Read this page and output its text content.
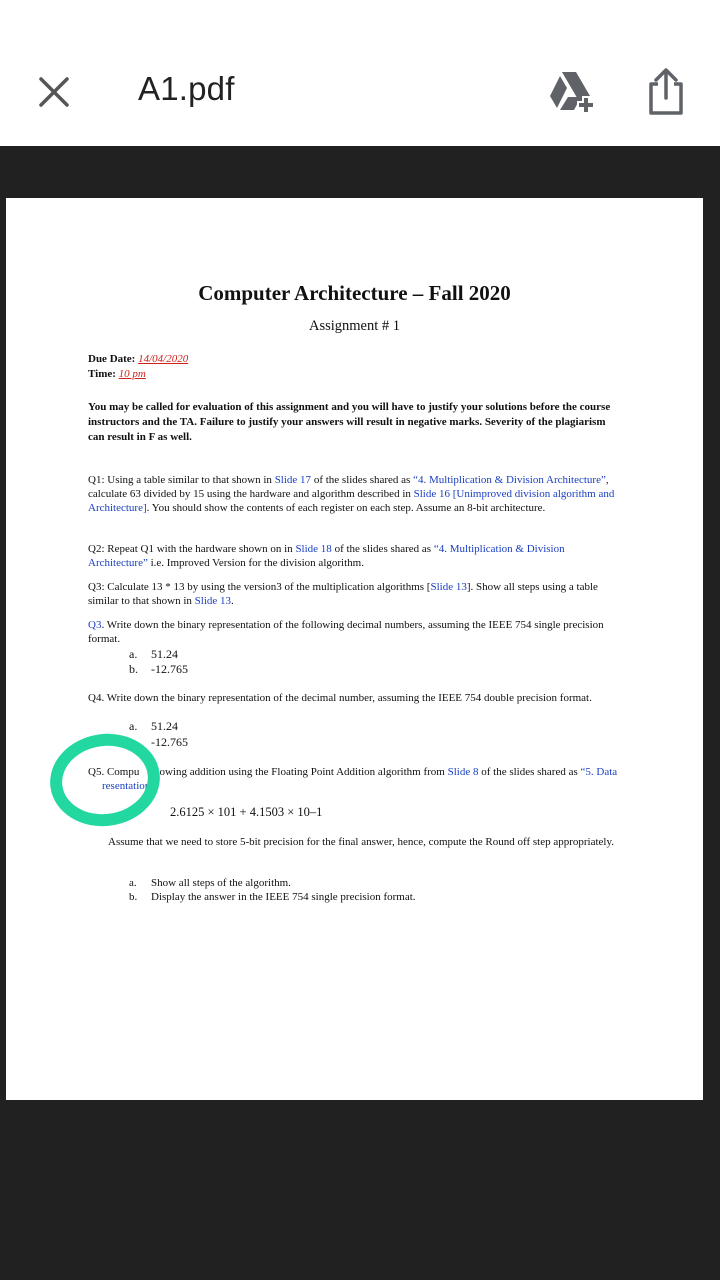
A1.pdf
Computer Architecture – Fall 2020
Assignment # 1
Due Date: 14/04/2020
Time: 10 pm
You may be called for evaluation of this assignment and you will have to justify your solutions before the course instructors and the TA. Failure to justify your answers will result in negative marks. Severity of the plagiarism can result in F as well.
Q1: Using a table similar to that shown in Slide 17 of the slides shared as “4. Multiplication & Division Architecture”, calculate 63 divided by 15 using the hardware and algorithm described in Slide 16 [Unimproved division algorithm and Architecture]. You should show the contents of each register on each step. Assume an 8-bit architecture.
Q2: Repeat Q1 with the hardware shown on in Slide 18 of the slides shared as “4. Multiplication & Division Architecture” i.e. Improved Version for the division algorithm.
Q3: Calculate 13 * 13 by using the version3 of the multiplication algorithms [Slide 13]. Show all steps using a table similar to that shown in Slide 13.
Q3. Write down the binary representation of the following decimal numbers, assuming the IEEE 754 single precision format.
a. 51.24
b. -12.765
Q4. Write down the binary representation of the decimal number, assuming the IEEE 754 double precision format.
a. 51.24
-12.765
Q5. Compu llowing addition using the Floating Point Addition algorithm from Slide 8 of the slides shared as “5. Dataresentation”
2.6125 × 101 + 4.1503 × 10–1
Assume that we need to store 5-bit precision for the final answer, hence, compute the Round off step appropriately.
a. Show all steps of the algorithm.
b. Display the answer in the IEEE 754 single precision format.
